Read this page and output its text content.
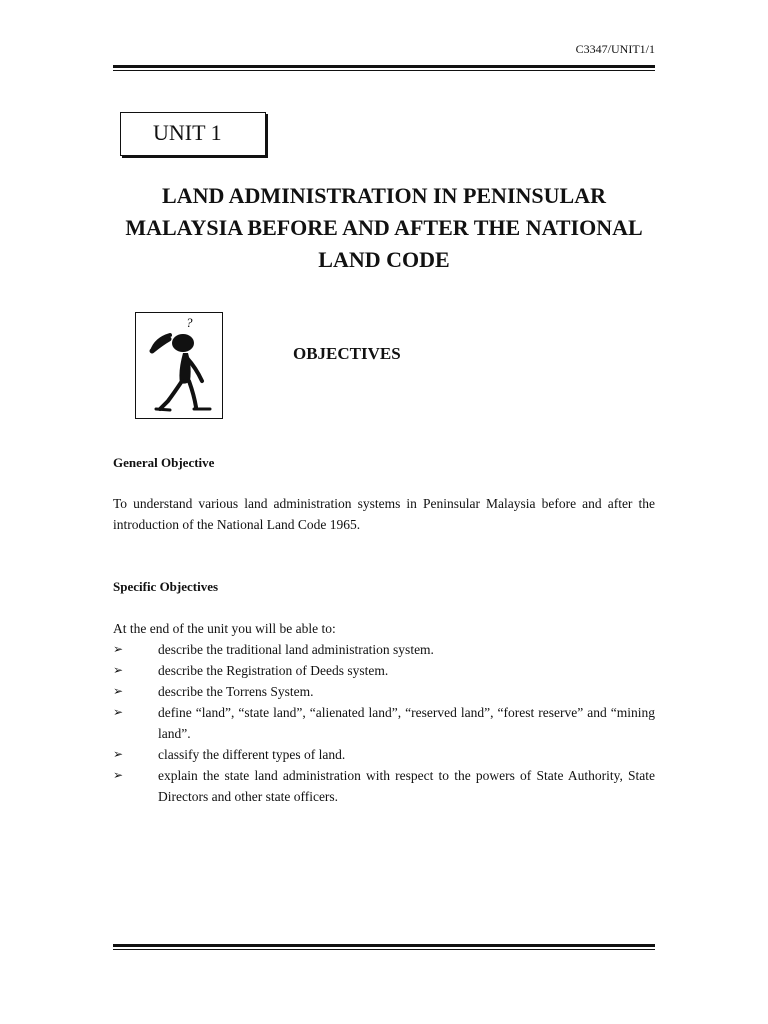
C3347/UNIT1/1
UNIT 1
LAND ADMINISTRATION IN PENINSULAR
MALAYSIA BEFORE AND AFTER THE NATIONAL
LAND CODE
?
OBJECTIVES
General Objective
To understand various land administration systems in Peninsular Malaysia before and after the introduction of the National Land Code 1965.
Specific Objectives
At the end of the unit you will be able to:
➢	describe the traditional land administration system.
➢	describe the Registration of Deeds system.
➢	describe the Torrens System.
➢	define “land”, “state land”, “alienated land”, “reserved land”, “forest reserve” and “mining land”.
➢	classify the different types of land.
➢	explain the state land administration with respect to the powers of State Authority, State Directors and other state officers.
